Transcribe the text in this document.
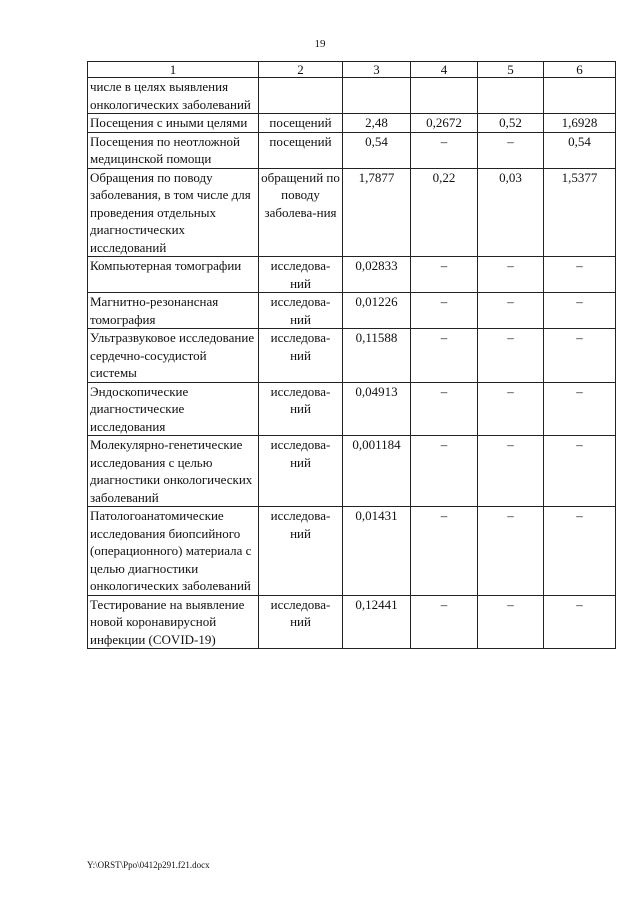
19
1	2	3	4	5	6
числе в целях выявления онкологических заболеваний					
Посещения с иными целями	посещений	2,48	0,2672	0,52	1,6928
Посещения по неотложной медицинской помощи	посещений	0,54	–	–	0,54
Обращения по поводу заболевания, в том числе для проведения отдельных диагностических исследований	обращений по поводу заболева-ния	1,7877	0,22	0,03	1,5377
Компьютерная томографии	исследова-ний	0,02833	–	–	–
Магнитно-резонансная томография	исследова-ний	0,01226	–	–	–
Ультразвуковое исследование сердечно-сосудистой системы	исследова-ний	0,11588	–	–	–
Эндоскопические диагностические исследования	исследова-ний	0,04913	–	–	–
Молекулярно-генетические исследования с целью диагностики онкологических заболеваний	исследова-ний	0,001184	–	–	–
Патологоанатомические исследования биопсийного (операционного) материала с целью диагностики онкологических заболеваний	исследова-ний	0,01431	–	–	–
Тестирование на выявление новой коронавирусной инфекции (COVID-19)	исследова-ний	0,12441	–	–	–
Y:\ORST\Ppo\0412p291.f21.docx
